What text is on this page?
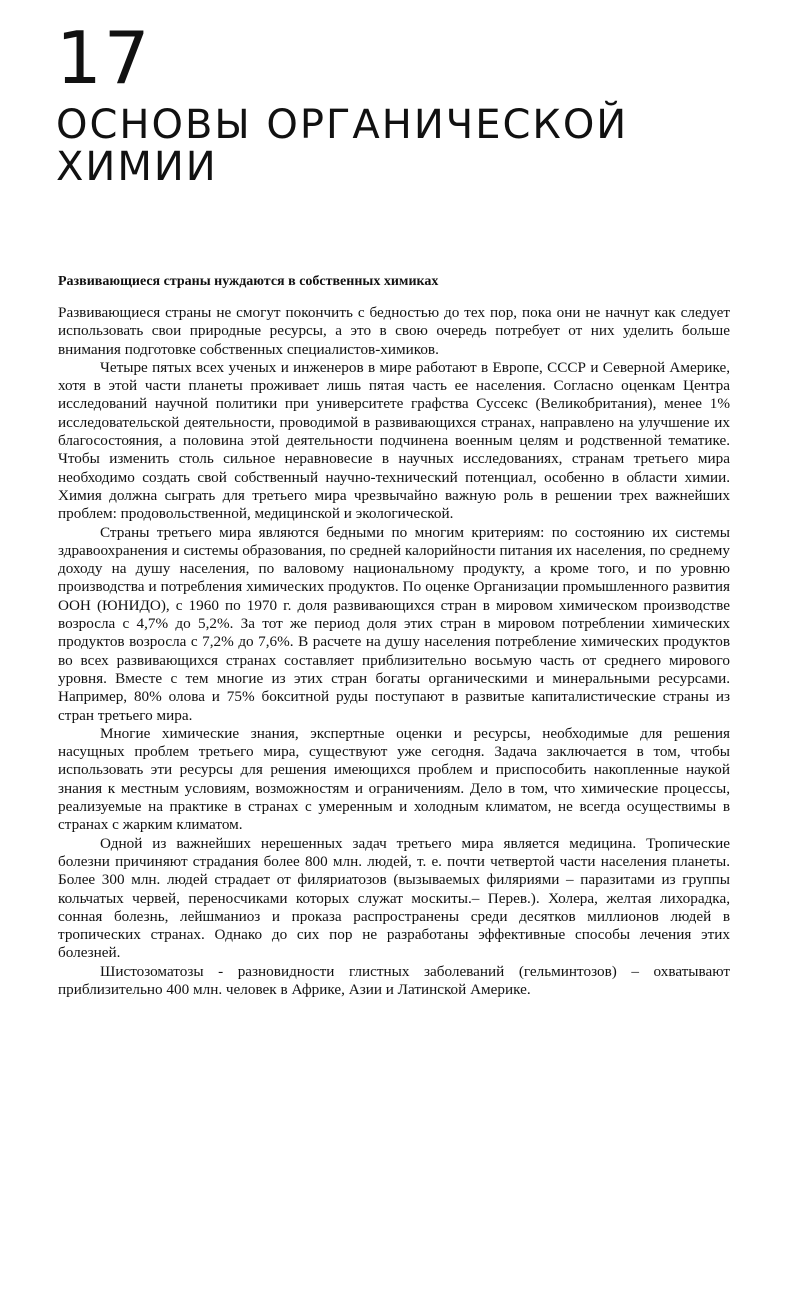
17
ОСНОВЫ ОРГАНИЧЕСКОЙ
ХИМИИ
Развивающиеся страны нуждаются в собственных химиках

Развивающиеся страны не смогут покончить с бедностью до тех пор, пока они не начнут как следует использовать свои природные ресурсы, а это в свою очередь потребует от них уделить больше внимания подготовке собственных специалистов-химиков.

Четыре пятых всех ученых и инженеров в мире работают в Европе, СССР и Северной Америке, хотя в этой части планеты проживает лишь пятая часть ее населения. Согласно оценкам Центра исследований научной политики при университете графства Суссекс (Великобритания), менее 1% исследовательской деятельности, проводимой в развивающихся странах, направлено на улучшение их благосостояния, а половина этой деятельности подчинена военным целям и родственной тематике. Чтобы изменить столь сильное неравновесие в научных исследованиях, странам третьего мира необходимо создать свой собственный научно-технический потенциал, особенно в области химии. Химия должна сыграть для третьего мира чрезвычайно важную роль в решении трех важнейших проблем: продовольственной, медицинской и экологической.

Страны третьего мира являются бедными по многим критериям: по состоянию их системы здравоохранения и системы образования, по средней калорийности питания их населения, по среднему доходу на душу населения, по валовому национальному продукту, а кроме того, и по уровню производства и потребления химических продуктов. По оценке Организации промышленного развития ООН (ЮНИДО), с 1960 по 1970 г. доля развивающихся стран в мировом химическом производстве возросла с 4,7% до 5,2%. За тот же период доля этих стран в мировом потреблении химических продуктов возросла с 7,2% до 7,6%. В расчете на душу населения потребление химических продуктов во всех развивающихся странах составляет приблизительно восьмую часть от среднего мирового уровня. Вместе с тем многие из этих стран богаты органическими и минеральными ресурсами. Например, 80% олова и 75% бокситной руды поступают в развитые капиталистические страны из стран третьего мира.

Многие химические знания, экспертные оценки и ресурсы, необходимые для решения насущных проблем третьего мира, существуют уже сегодня. Задача заключается в том, чтобы использовать эти ресурсы для решения имеющихся проблем и приспособить накопленные наукой знания к местным условиям, возможностям и ограничениям. Дело в том, что химические процессы, реализуемые на практике в странах с умеренным и холодным климатом, не всегда осуществимы в странах с жарким климатом.

Одной из важнейших нерешенных задач третьего мира является медицина. Тропические болезни причиняют страдания более 800 млн. людей, т. е. почти четвертой части населения планеты. Более 300 млн. людей страдает от филяриатозов (вызываемых филяриями – паразитами из группы кольчатых червей, переносчиками которых служат москиты.– Перев.). Холера, желтая лихорадка, сонная болезнь, лейшманиоз и проказа распространены среди десятков миллионов людей в тропических странах. Однако до сих пор не разработаны эффективные способы лечения этих болезней.

Шистозоматозы - разновидности глистных заболеваний (гельминтозов) – охватывают приблизительно 400 млн. человек в Африке, Азии и Латинской Америке.
